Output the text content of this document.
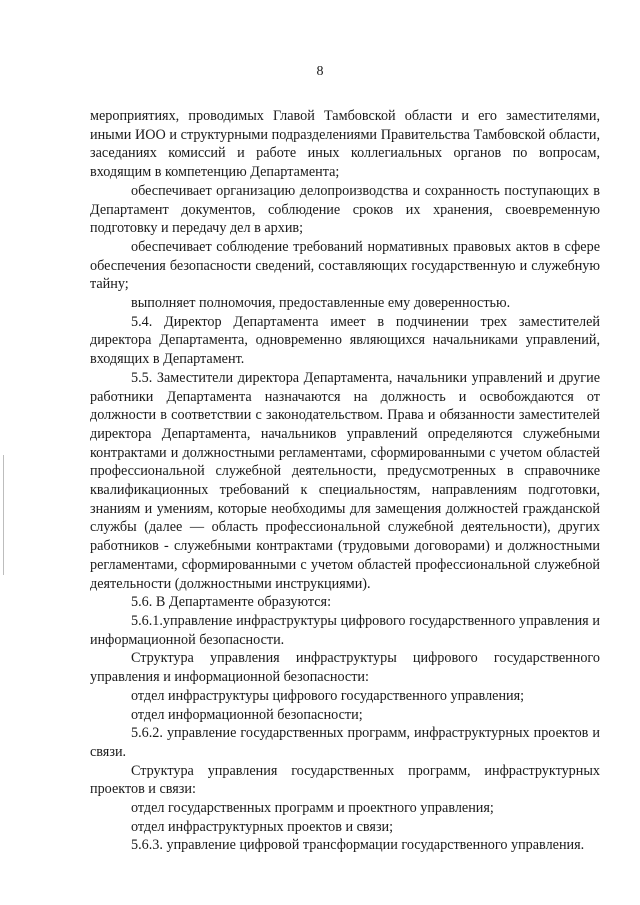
8

мероприятиях, проводимых Главой Тамбовской области и его заместителями, иными ИОО и структурными подразделениями Правительства Тамбовской области, заседаниях комиссий и работе иных коллегиальных органов по вопросам, входящим в компетенцию Департамента;

обеспечивает организацию делопроизводства и сохранность поступающих в Департамент документов, соблюдение сроков их хранения, своевременную подготовку и передачу дел в архив;

обеспечивает соблюдение требований нормативных правовых актов в сфере обеспечения безопасности сведений, составляющих государственную и служебную тайну;

выполняет полномочия, предоставленные ему доверенностью.

5.4. Директор Департамента имеет в подчинении трех заместителей директора Департамента, одновременно являющихся начальниками управлений, входящих в Департамент.

5.5. Заместители директора Департамента, начальники управлений и другие работники Департамента назначаются на должность и освобождаются от должности в соответствии с законодательством. Права и обязанности заместителей директора Департамента, начальников управлений определяются служебными контрактами и должностными регламентами, сформированными с учетом областей профессиональной служебной деятельности, предусмотренных в справочнике квалификационных требований к специальностям, направлениям подготовки, знаниям и умениям, которые необходимы для замещения должностей гражданской службы (далее — область профессиональной служебной деятельности), других работников - служебными контрактами (трудовыми договорами) и должностными регламентами, сформированными с учетом областей профессиональной служебной деятельности (должностными инструкциями).

5.6. В Департаменте образуются:

5.6.1.управление инфраструктуры цифрового государственного управления и информационной безопасности.

Структура управления инфраструктуры цифрового государственного управления и информационной безопасности:

отдел инфраструктуры цифрового государственного управления;

отдел информационной безопасности;

5.6.2. управление государственных программ, инфраструктурных проектов и связи.

Структура управления государственных программ, инфраструктурных проектов и связи:

отдел государственных программ и проектного управления;

отдел инфраструктурных проектов и связи;

5.6.3. управление цифровой трансформации государственного управления.
